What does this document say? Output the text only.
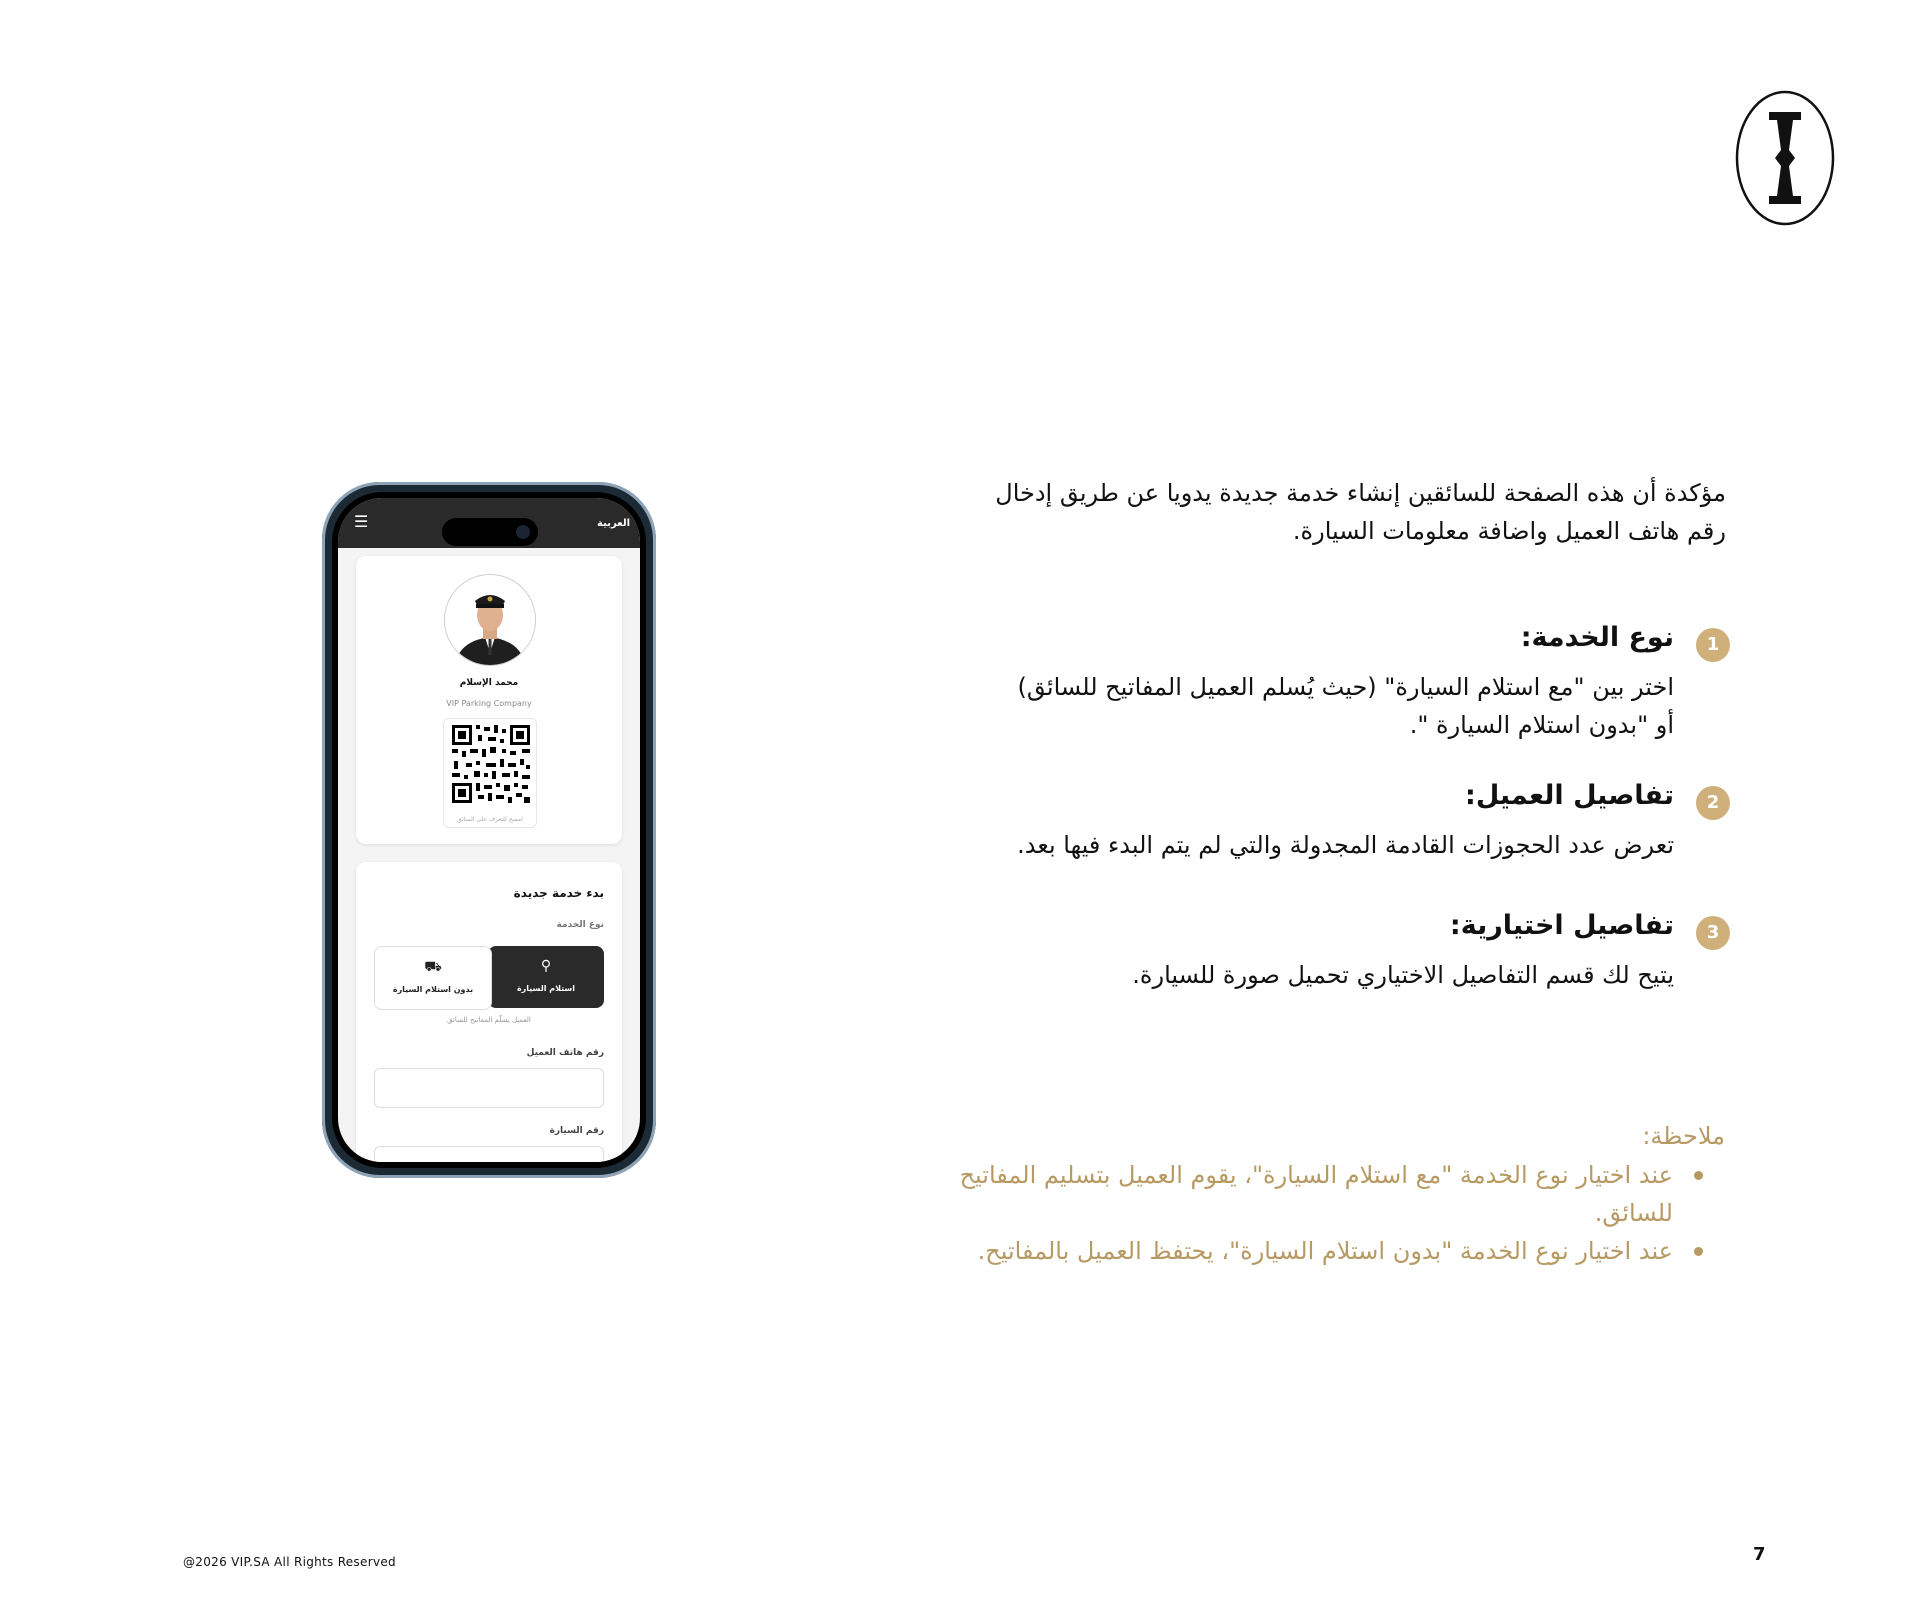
مؤكدة أن هذه الصفحة للسائقين إنشاء خدمة جديدة يدويا عن طريق إدخال رقم هاتف العميل واضافة معلومات السيارة.
1
نوع الخدمة:
اختر بين "مع استلام السيارة" (حيث يُسلم العميل المفاتيح للسائق)
أو "بدون استلام السيارة ".
2
تفاصيل العميل:
تعرض عدد الحجوزات القادمة المجدولة والتي لم يتم البدء فيها بعد.
3
تفاصيل اختيارية:
يتيح لك قسم التفاصيل الاختياري تحميل صورة للسيارة.
ملاحظة:
عند اختيار نوع الخدمة "مع استلام السيارة"، يقوم العميل بتسليم المفاتيح للسائق.
عند اختيار نوع الخدمة "بدون استلام السيارة"، يحتفظ العميل بالمفاتيح.
العربية
☰
محمد الإسلام
VIP Parking Company
امسح للتعرف على السائق
بدء خدمة جديدة
نوع الخدمة
⚲
استلام السيارة
⛟
بدون استلام السيارة
العميل يسلّم المفاتيح للسائق
رقم هاتف العميل
رقم السيارة
@2026 VIP.SA All Rights Reserved	7
